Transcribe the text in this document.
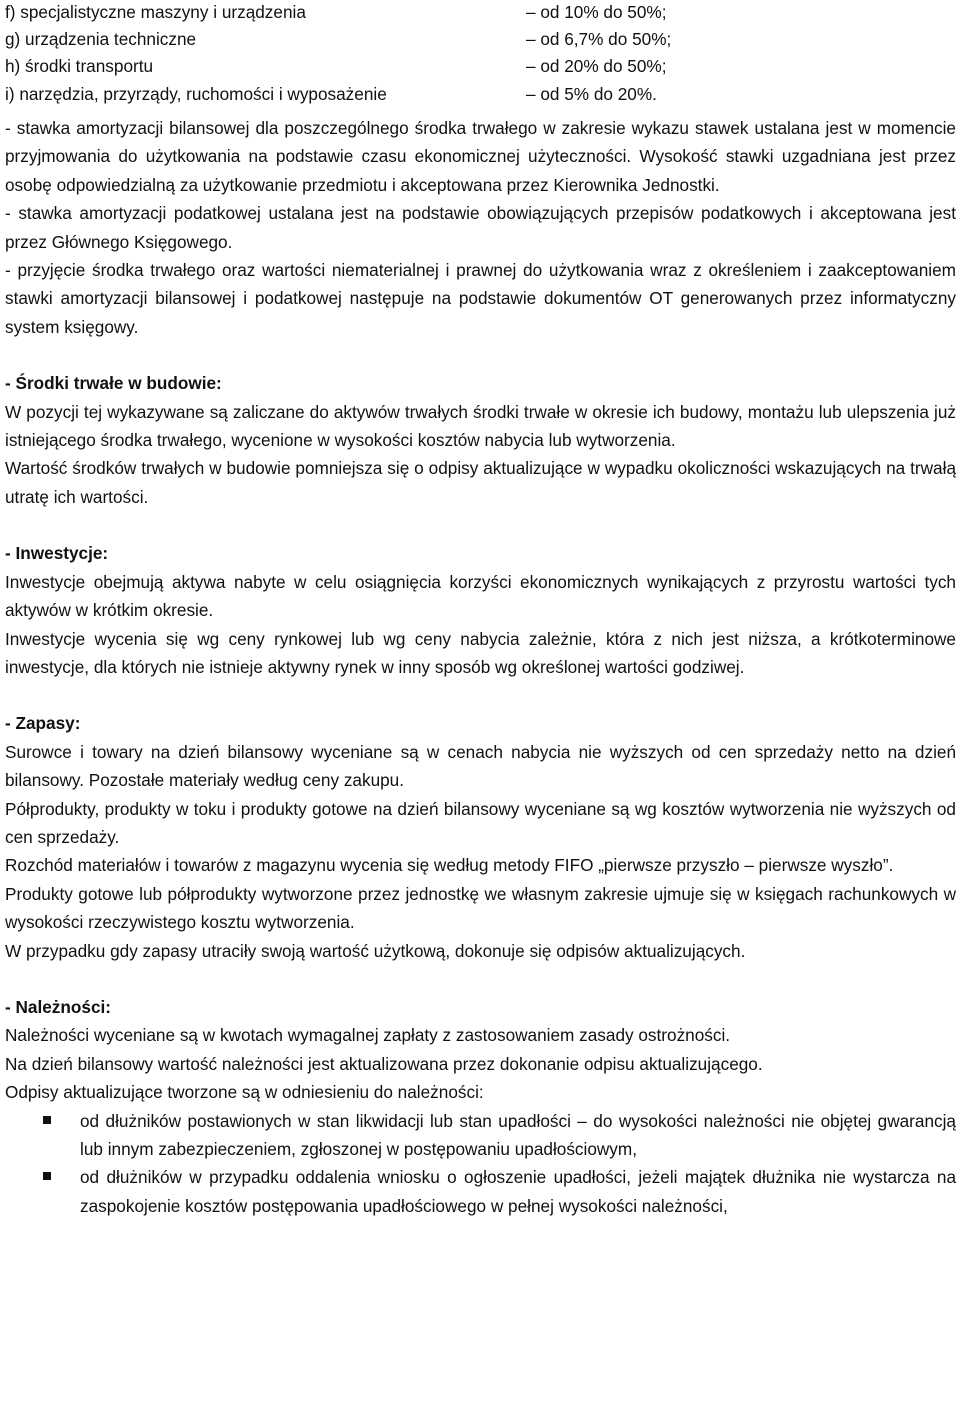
f) specjalistyczne maszyny i urządzenia	– od 10% do 50%;
g) urządzenia techniczne	– od 6,7% do 50%;
h) środki transportu	– od 20% do 50%;
i) narzędzia, przyrządy, ruchomości i wyposażenie	– od 5% do 20%.

- stawka amortyzacji bilansowej dla poszczególnego środka trwałego w zakresie wykazu stawek ustalana jest w momencie przyjmowania do użytkowania na podstawie czasu ekonomicznej użyteczności. Wysokość stawki uzgadniana jest przez osobę odpowiedzialną za użytkowanie przedmiotu i akceptowana przez Kierownika Jednostki.

- stawka amortyzacji podatkowej ustalana jest na podstawie obowiązujących przepisów podatkowych i akceptowana jest przez Głównego Księgowego.

- przyjęcie środka trwałego oraz wartości niematerialnej i prawnej do użytkowania wraz z określeniem i zaakceptowaniem stawki amortyzacji bilansowej i podatkowej następuje na podstawie dokumentów OT generowanych przez informatyczny system księgowy.

- Środki trwałe w budowie:

W pozycji tej wykazywane są zaliczane do aktywów trwałych środki trwałe w okresie ich budowy, montażu lub ulepszenia już istniejącego środka trwałego, wycenione w wysokości kosztów nabycia lub wytworzenia.

Wartość środków trwałych w budowie pomniejsza się o odpisy aktualizujące w wypadku okoliczności wskazujących na trwałą utratę ich wartości.

- Inwestycje:

Inwestycje obejmują aktywa nabyte w celu osiągnięcia korzyści ekonomicznych wynikających z przyrostu wartości tych aktywów w krótkim okresie.

Inwestycje wycenia się wg ceny rynkowej lub wg ceny nabycia zależnie, która z nich jest niższa, a krótkoterminowe inwestycje, dla których nie istnieje aktywny rynek w inny sposób wg określonej wartości godziwej.

- Zapasy:

Surowce i towary na dzień bilansowy wyceniane są w cenach nabycia nie wyższych od cen sprzedaży netto na dzień bilansowy. Pozostałe materiały według ceny zakupu.

Półprodukty, produkty w toku i produkty gotowe na dzień bilansowy wyceniane są wg kosztów wytworzenia nie wyższych od cen sprzedaży.

Rozchód materiałów i towarów z magazynu wycenia się według metody FIFO „pierwsze przyszło – pierwsze wyszło”.

Produkty gotowe lub półprodukty wytworzone przez jednostkę we własnym zakresie ujmuje się w księgach rachunkowych w wysokości rzeczywistego kosztu wytworzenia.

W przypadku gdy zapasy utraciły swoją wartość użytkową, dokonuje się odpisów aktualizujących.

- Należności:

Należności wyceniane są w kwotach wymagalnej zapłaty z zastosowaniem zasady ostrożności.

Na dzień bilansowy wartość należności jest aktualizowana przez dokonanie odpisu aktualizującego.

Odpisy aktualizujące tworzone są w odniesieniu do należności:

od dłużników postawionych w stan likwidacji lub stan upadłości – do wysokości należności nie objętej gwarancją lub innym zabezpieczeniem, zgłoszonej w postępowaniu upadłościowym,
od dłużników w przypadku oddalenia wniosku o ogłoszenie upadłości, jeżeli majątek dłużnika nie wystarcza na zaspokojenie kosztów postępowania upadłościowego w pełnej wysokości należności,
